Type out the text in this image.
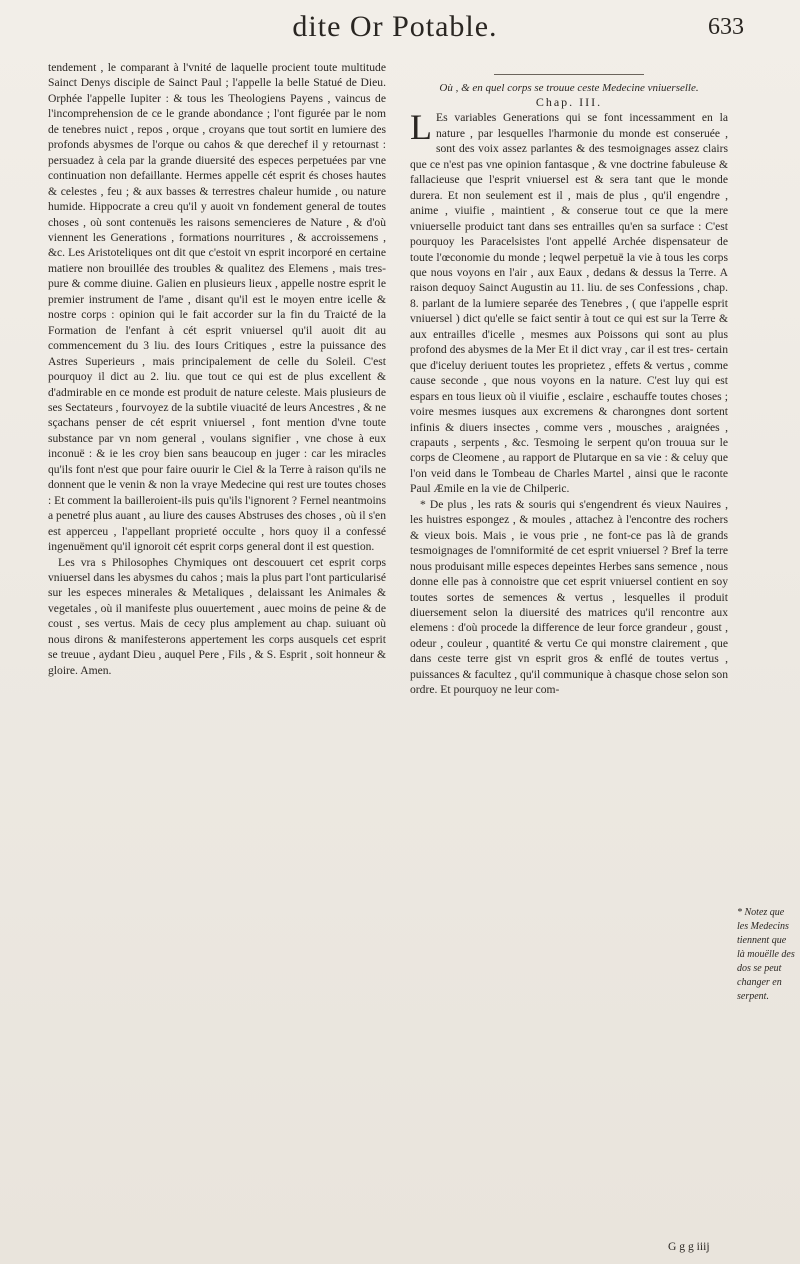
dite Or Potable.	633

tendement , le comparant à l'vnité de laquelle procient toute multitude Sainct Denys disciple de Sainct Paul ; l'appelle la belle Statué de Dieu. Orphée l'appelle Iupiter : & tous les Theologiens Payens , vaincus de l'incomprehension de ce le grande abondance ; l'ont figurée par le nom de tenebres nuict , repos , orque , croyans que tout sortit en lumiere des profonds abysmes de l'orque ou cahos & que derechef il y retournast : persuadez à cela par la grande diuersité des especes perpetuées par vne continuation non defaillante. Hermes appelle cét esprit és choses hautes & celestes , feu ; & aux basses & terrestres chaleur humide , ou nature humide. Hippocrate a creu qu'il y auoit vn fondement general de toutes choses , où sont contenuës les raisons semencieres de Nature , & d'où viennent les Generations , formations nourritures , & accroissemens , &c. Les Aristoteliques ont dit que c'estoit vn esprit incorporé en certaine matiere non brouillée des troubles & qualitez des Elemens , mais tres-pure & comme diuine. Galien en plusieurs lieux , appelle nostre esprit le premier instrument de l'ame , disant qu'il est le moyen entre icelle & nostre corps : opinion qui le fait accorder sur la fin du Traicté de la Formation de l'enfant à cét esprit vniuersel qu'il auoit dit au commencement du 3 liu. des Iours Critiques , estre la puissance des Astres Superieurs , mais principalement de celle du Soleil. C'est pourquoy il dict au 2. liu. que tout ce qui est de plus excellent & d'admirable en ce monde est produit de nature celeste. Mais plusieurs de ses Sectateurs , fourvoyez de la subtile viuacité de leurs Ancestres , & ne sçachans penser de cét esprit vniuersel , font mention d'vne toute substance par vn nom general , voulans signifier , vne chose à eux inconuë : & ie les croy bien sans beaucoup en juger : car les miracles qu'ils font n'est que pour faire ouurir le Ciel & la Terre à raison qu'ils ne donnent que le venin & non la vraye Medecine qui rest ure toutes choses : Et comment la bailleroient-ils puis qu'ils l'ignorent ? Fernel neantmoins a penetré plus auant , au liure des causes Abstruses des choses , où il s'en est apperceu , l'appellant proprieté occulte , hors quoy il a confessé ingenuëment qu'il ignoroit cét esprit corps general dont il est question.

Les vra s Philosophes Chymiques ont descouuert cet esprit corps vniuersel dans les abysmes du cahos ; mais la plus part l'ont particularisé sur les especes minerales & Metaliques , delaissant les Animales & vegetales , où il manifeste plus ouuertement , auec moins de peine & de coust , ses vertus. Mais de cecy plus amplement au chap. suiuant où nous dirons & manifesterons appertement les corps ausquels cet esprit se treuue , aydant Dieu , auquel Pere , Fils , & S. Esprit , soit honneur & gloire. Amen.

Où , & en quel corps se trouue ceste Medecine vniuerselle.

Chap. III.

L Es variables Generations qui se font incessamment en la nature , par lesquelles l'harmonie du monde est conseruée , sont des voix assez parlantes & des tesmoignages assez clairs que ce n'est pas vne opinion fantasque , & vne doctrine fabuleuse & fallacieuse que l'esprit vniuersel est & sera tant que le monde durera. Et non seulement est il , mais de plus , qu'il engendre , anime , viuifie , maintient , & conserue tout ce que la mere vniuerselle produict tant dans ses entrailles qu'en sa surface : C'est pourquoy les Paracelsistes l'ont appellé Archée dispensateur de toute l'œconomie du monde ; leqwel perpetuë la vie à tous les corps que nous voyons en l'air , aux Eaux , dedans & dessus la Terre. A raison dequoy Sainct Augustin au 11. liu. de ses Confessions , chap. 8. parlant de la lumiere separée des Tenebres , ( que i'appelle esprit vniuersel ) dict qu'elle se faict sentir à tout ce qui est sur la Terre & aux entrailles d'icelle , mesmes aux Poissons qui sont au plus profond des abysmes de la Mer Et il dict vray , car il est tres- certain que d'iceluy deriuent toutes les proprietez , effets & vertus , comme cause seconde , que nous voyons en la nature. C'est luy qui est espars en tous lieux où il viuifie , esclaire , eschauffe toutes choses ; voire mesmes iusques aux excremens & charongnes dont sortent infinis & diuers insectes , comme vers , mousches , araignées , crapauts , serpents , &c. Tesmoing le serpent qu'on trouua sur le corps de Cleomene , au rapport de Plutarque en sa vie : & celuy que l'on veid dans le Tombeau de Charles Martel , ainsi que le raconte Paul Æmile en la vie de Chilperic.

* De plus , les rats & souris qui s'engendrent és vieux Nauires , les huistres espongez , & moules , attachez à l'encontre des rochers & vieux bois. Mais , ie vous prie , ne font-ce pas là de grands tesmoignages de l'omniformité de cet esprit vniuersel ? Bref la terre nous produisant mille especes depeintes Herbes sans semence , nous donne elle pas à connoistre que cet esprit vniuersel contient en soy toutes sortes de semences & vertus , lesquelles il produit diuersement selon la diuersité des matrices qu'il rencontre aux elemens : d'où procede la difference de leur force grandeur , goust , odeur , couleur , quantité & vertu Ce qui monstre clairement , que dans ceste terre gist vn esprit gros & enflé de toutes vertus , puissances & facultez , qu'il communique à chasque chose selon son ordre. Et pourquoy ne leur com-

* Notez que les Medecins tiennent que là mouëlle des dos se peut changer en serpent.
G g g iiij
